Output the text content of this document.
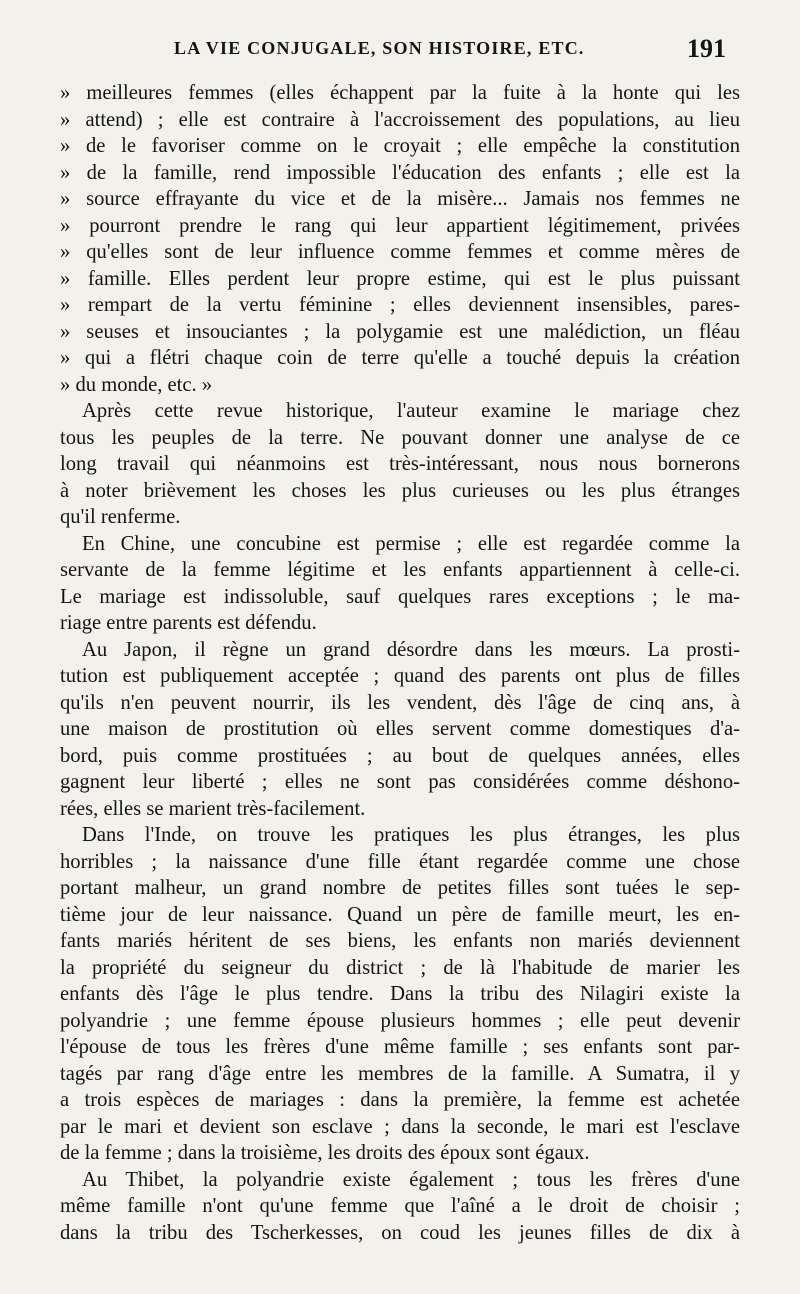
LA VIE CONJUGALE, SON HISTOIRE, ETC.	191
» meilleures femmes (elles échappent par la fuite à la honte qui les
» attend) ; elle est contraire à l'accroissement des populations, au lieu
» de le favoriser comme on le croyait ; elle empêche la constitution
» de la famille, rend impossible l'éducation des enfants ; elle est la
» source effrayante du vice et de la misère... Jamais nos femmes ne
» pourront prendre le rang qui leur appartient légitimement, privées
» qu'elles sont de leur influence comme femmes et comme mères de
» famille. Elles perdent leur propre estime, qui est le plus puissant
» rempart de la vertu féminine ; elles deviennent insensibles, pares-
» seuses et insouciantes ; la polygamie est une malédiction, un fléau
» qui a flétri chaque coin de terre qu'elle a touché depuis la création
» du monde, etc. »
Après cette revue historique, l'auteur examine le mariage chez
tous les peuples de la terre. Ne pouvant donner une analyse de ce
long travail qui néanmoins est très-intéressant, nous nous bornerons
à noter brièvement les choses les plus curieuses ou les plus étranges
qu'il renferme.
En Chine, une concubine est permise ; elle est regardée comme la
servante de la femme légitime et les enfants appartiennent à celle-ci.
Le mariage est indissoluble, sauf quelques rares exceptions ; le ma-
riage entre parents est défendu.
Au Japon, il règne un grand désordre dans les mœurs. La prosti-
tution est publiquement acceptée ; quand des parents ont plus de filles
qu'ils n'en peuvent nourrir, ils les vendent, dès l'âge de cinq ans, à
une maison de prostitution où elles servent comme domestiques d'a-
bord, puis comme prostituées ; au bout de quelques années, elles
gagnent leur liberté ; elles ne sont pas considérées comme déshono-
rées, elles se marient très-facilement.
Dans l'Inde, on trouve les pratiques les plus étranges, les plus
horribles ; la naissance d'une fille étant regardée comme une chose
portant malheur, un grand nombre de petites filles sont tuées le sep-
tième jour de leur naissance. Quand un père de famille meurt, les en-
fants mariés héritent de ses biens, les enfants non mariés deviennent
la propriété du seigneur du district ; de là l'habitude de marier les
enfants dès l'âge le plus tendre. Dans la tribu des Nilagiri existe la
polyandrie ; une femme épouse plusieurs hommes ; elle peut devenir
l'épouse de tous les frères d'une même famille ; ses enfants sont par-
tagés par rang d'âge entre les membres de la famille. A Sumatra, il y
a trois espèces de mariages : dans la première, la femme est achetée
par le mari et devient son esclave ; dans la seconde, le mari est l'esclave
de la femme ; dans la troisième, les droits des époux sont égaux.
Au Thibet, la polyandrie existe également ; tous les frères d'une
même famille n'ont qu'une femme que l'aîné a le droit de choisir ;
dans la tribu des Tscherkesses, on coud les jeunes filles de dix à
